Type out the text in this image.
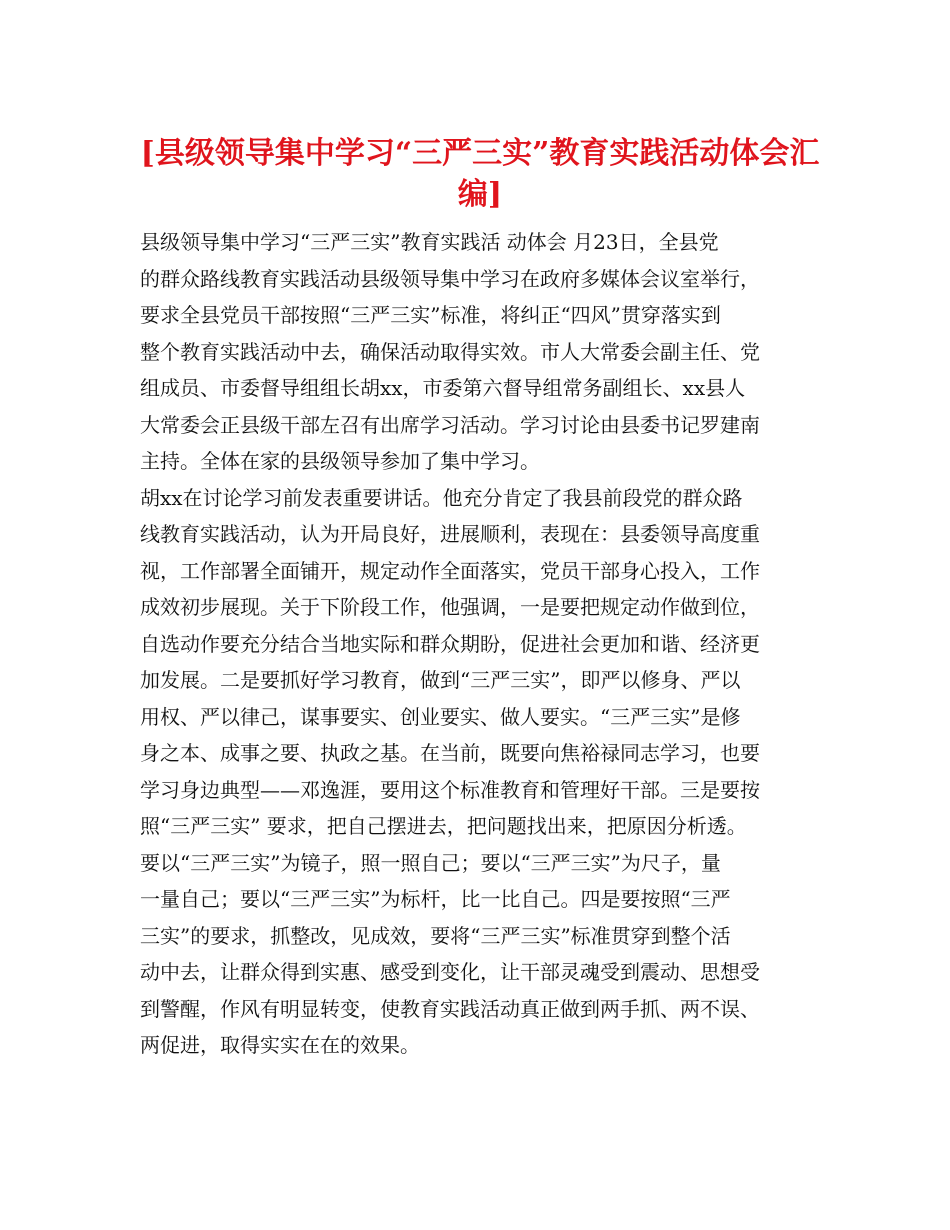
[县级领导集中学习“三严三实”教育实践活动体会汇
编]

县级领导集中学习“三严三实”教育实践活 动体会 月23日，全县党

的群众路线教育实践活动县级领导集中学习在政府多媒体会议室举行，

要求全县党员干部按照“三严三实”标准，将纠正“四风”贯穿落实到

整个教育实践活动中去，确保活动取得实效。市人大常委会副主任、党

组成员、市委督导组组长胡xx，市委第六督导组常务副组长、xx县人

大常委会正县级干部左召有出席学习活动。学习讨论由县委书记罗建南

主持。全体在家的县级领导参加了集中学习。

胡xx在讨论学习前发表重要讲话。他充分肯定了我县前段党的群众路

线教育实践活动，认为开局良好，进展顺利，表现在：县委领导高度重

视，工作部署全面铺开，规定动作全面落实，党员干部身心投入，工作

成效初步展现。关于下阶段工作，他强调，一是要把规定动作做到位，

自选动作要充分结合当地实际和群众期盼，促进社会更加和谐、经济更

加发展。二是要抓好学习教育，做到“三严三实”，即严以修身、严以

用权、严以律己，谋事要实、创业要实、做人要实。“三严三实”是修

身之本、成事之要、执政之基。在当前，既要向焦裕禄同志学习，也要

学习身边典型——邓逸涯，要用这个标准教育和管理好干部。三是要按

照“三严三实” 要求，把自己摆进去，把问题找出来，把原因分析透。

要以“三严三实”为镜子，照一照自己；要以“三严三实”为尺子，量

一量自己；要以“三严三实”为标杆，比一比自己。四是要按照“三严

三实”的要求，抓整改，见成效，要将“三严三实”标准贯穿到整个活

动中去，让群众得到实惠、感受到变化，让干部灵魂受到震动、思想受

到警醒，作风有明显转变，使教育实践活动真正做到两手抓、两不误、

两促进，取得实实在在的效果。
